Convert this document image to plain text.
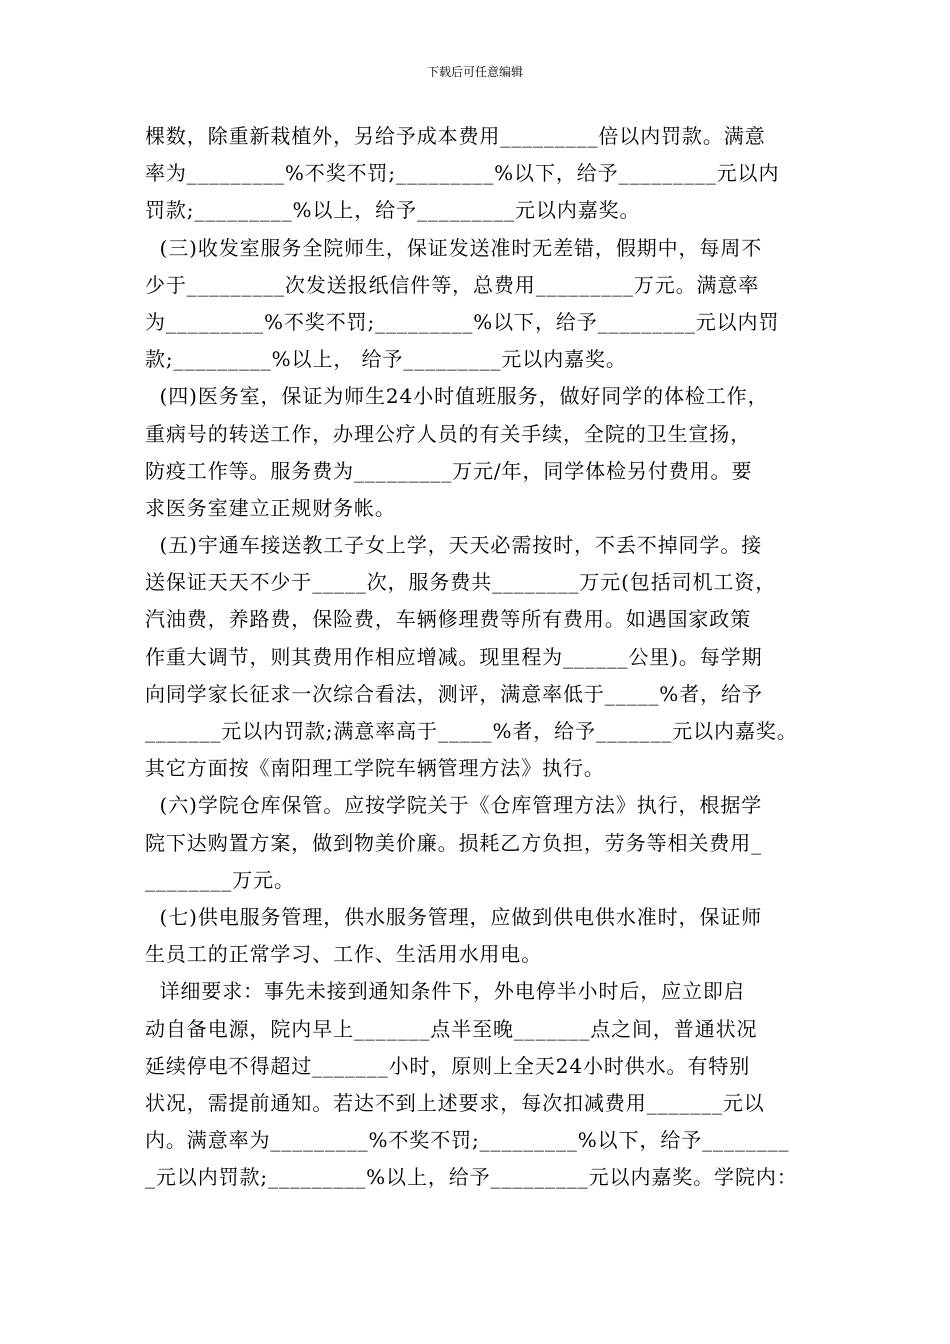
下载后可任意编辑
棵数，除重新栽植外，另给予成本费用_________倍以内罚款。满意
率为_________%不奖不罚;_________%以下，给予_________元以内
罚款;_________%以上，给予_________元以内嘉奖。
(三)收发室服务全院师生，保证发送准时无差错，假期中，每周不
少于_________次发送报纸信件等，总费用_________万元。满意率
为_________%不奖不罚;_________%以下，给予_________元以内罚
款;_________%以上， 给予_________元以内嘉奖。
(四)医务室，保证为师生24小时值班服务，做好同学的体检工作，
重病号的转送工作，办理公疗人员的有关手续，全院的卫生宣扬，
防疫工作等。服务费为_________万元/年，同学体检另付费用。要
求医务室建立正规财务帐。
(五)宇通车接送教工子女上学，天天必需按时，不丢不掉同学。接
送保证天天不少于_____次，服务费共________万元(包括司机工资，
汽油费，养路费，保险费，车辆修理费等所有费用。如遇国家政策
作重大调节，则其费用作相应增减。现里程为______公里)。每学期
向同学家长征求一次综合看法，测评，满意率低于_____%者，给予
_______元以内罚款;满意率高于_____%者，给予_______元以内嘉奖。
其它方面按《南阳理工学院车辆管理方法》执行。
(六)学院仓库保管。应按学院关于《仓库管理方法》执行，根据学
院下达购置方案，做到物美价廉。损耗乙方负担，劳务等相关费用_
________万元。
(七)供电服务管理，供水服务管理，应做到供电供水准时，保证师
生员工的正常学习、工作、生活用水用电。
详细要求：事先未接到通知条件下，外电停半小时后，应立即启
动自备电源，院内早上_______点半至晚_______点之间，普通状况
延续停电不得超过_______小时，原则上全天24小时供水。有特别
状况，需提前通知。若达不到上述要求，每次扣减费用_______元以
内。满意率为_________%不奖不罚;_________%以下，给予________
_元以内罚款;_________%以上，给予_________元以内嘉奖。学院内：
